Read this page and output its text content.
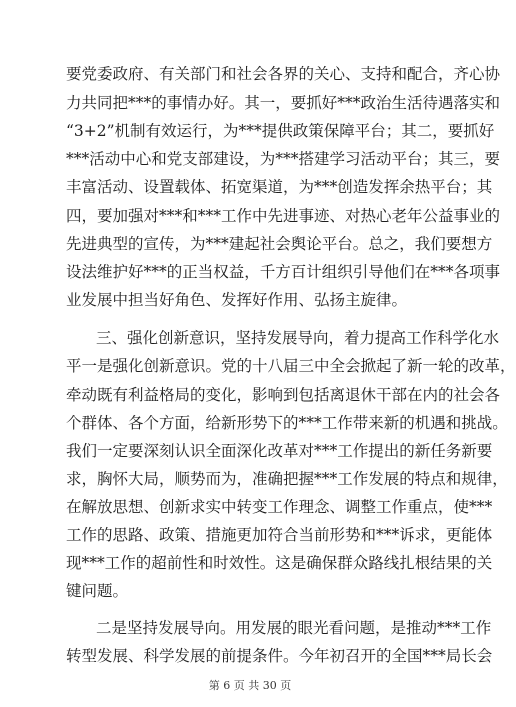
要党委政府、有关部门和社会各界的关心、支持和配合，齐心协
力共同把***的事情办好。其一，要抓好***政治生活待遇落实和
“3+2”机制有效运行，为***提供政策保障平台；其二，要抓好
***活动中心和党支部建设，为***搭建学习活动平台；其三，要
丰富活动、设置载体、拓宽渠道，为***创造发挥余热平台；其
四，要加强对***和***工作中先进事迹、对热心老年公益事业的
先进典型的宣传，为***建起社会舆论平台。总之，我们要想方
设法维护好***的正当权益，千方百计组织引导他们在***各项事
业发展中担当好角色、发挥好作用、弘扬主旋律。
三、强化创新意识，坚持发展导向，着力提高工作科学化水
平一是强化创新意识。党的十八届三中全会掀起了新一轮的改革，
牵动既有利益格局的变化，影响到包括离退休干部在内的社会各
个群体、各个方面，给新形势下的***工作带来新的机遇和挑战。
我们一定要深刻认识全面深化改革对***工作提出的新任务新要
求，胸怀大局，顺势而为，准确把握***工作发展的特点和规律，
在解放思想、创新求实中转变工作理念、调整工作重点，使***
工作的思路、政策、措施更加符合当前形势和***诉求，更能体
现***工作的超前性和时效性。这是确保群众路线扎根结果的关
键问题。
二是坚持发展导向。用发展的眼光看问题，是推动***工作
第 6 页 共 30 页
转型发展、科学发展的前提条件。今年初召开的全国***局长会
